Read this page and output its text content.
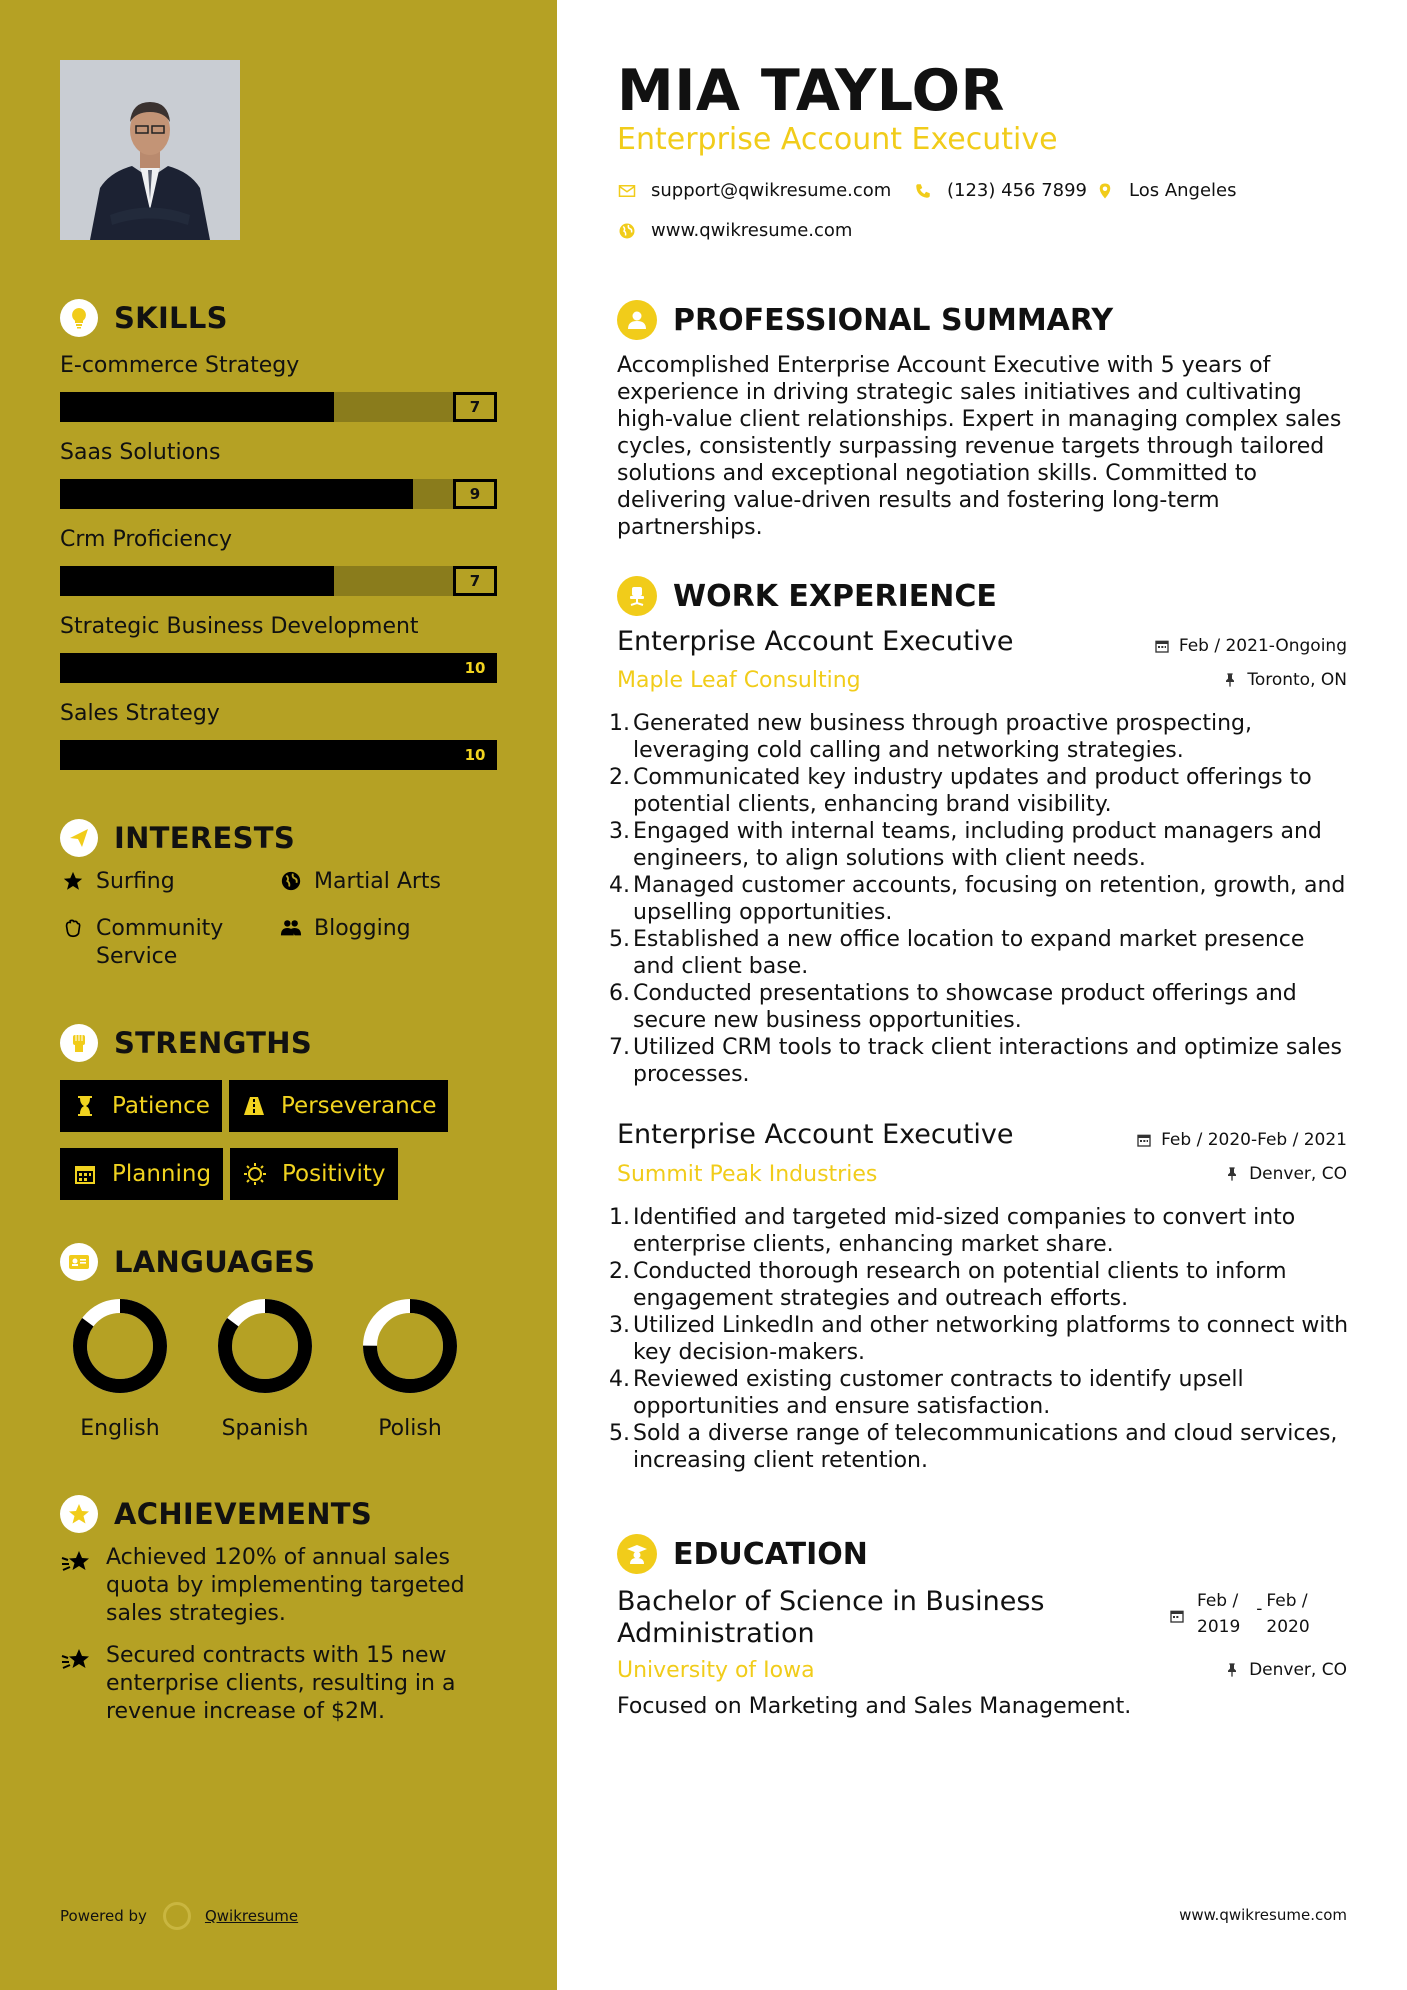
SKILLS
E-commerce Strategy
7
Saas Solutions
9
Crm Proficiency
7
Strategic Business Development
10
Sales Strategy
10
INTERESTS
Surfing	Martial Arts
Community Service
Blogging
STRENGTHS
Patience	Perseverance
Planning	Positivity
LANGUAGES
English	Spanish	Polish
ACHIEVEMENTS
Achieved 120% of annual sales quota by implementing targeted sales strategies.
Secured contracts with 15 new enterprise clients, resulting in a revenue increase of $2M.
Powered by	Qwikresume
MIA TAYLOR
Enterprise Account Executive
support@qwikresume.com	(123) 456 7899 Los Angeles
www.qwikresume.com
PROFESSIONAL SUMMARY
Accomplished Enterprise Account Executive with 5 years of experience in driving strategic sales initiatives and cultivating high-value client relationships. Expert in managing complex sales cycles, consistently surpassing revenue targets through tailored solutions and exceptional negotiation skills. Committed to delivering value-driven results and fostering long-term partnerships.
WORK EXPERIENCE
Enterprise Account Executive	Feb / 2021-Ongoing
Maple Leaf Consulting	Toronto, ON
1. Generated new business through proactive prospecting, leveraging cold calling and networking strategies.
2. Communicated key industry updates and product offerings to potential clients, enhancing brand visibility.
3. Engaged with internal teams, including product managers and engineers, to align solutions with client needs.
4. Managed customer accounts, focusing on retention, growth, and upselling opportunities.
5. Established a new office location to expand market presence and client base.
6. Conducted presentations to showcase product offerings and secure new business opportunities.
7. Utilized CRM tools to track client interactions and optimize sales processes.
Enterprise Account Executive	Feb / 2020-Feb / 2021
Summit Peak Industries	Denver, CO
1. Identified and targeted mid-sized companies to convert into enterprise clients, enhancing market share.
2. Conducted thorough research on potential clients to inform engagement strategies and outreach efforts.
3. Utilized LinkedIn and other networking platforms to connect with key decision-makers.
4. Reviewed existing customer contracts to identify upsell opportunities and ensure satisfaction.
5. Sold a diverse range of telecommunications and cloud services, increasing client retention.
EDUCATION
Bachelor of Science in Business Administration
Feb /
2019
- Feb /
2020
University of Iowa	Denver, CO
Focused on Marketing and Sales Management.
www.qwikresume.com
